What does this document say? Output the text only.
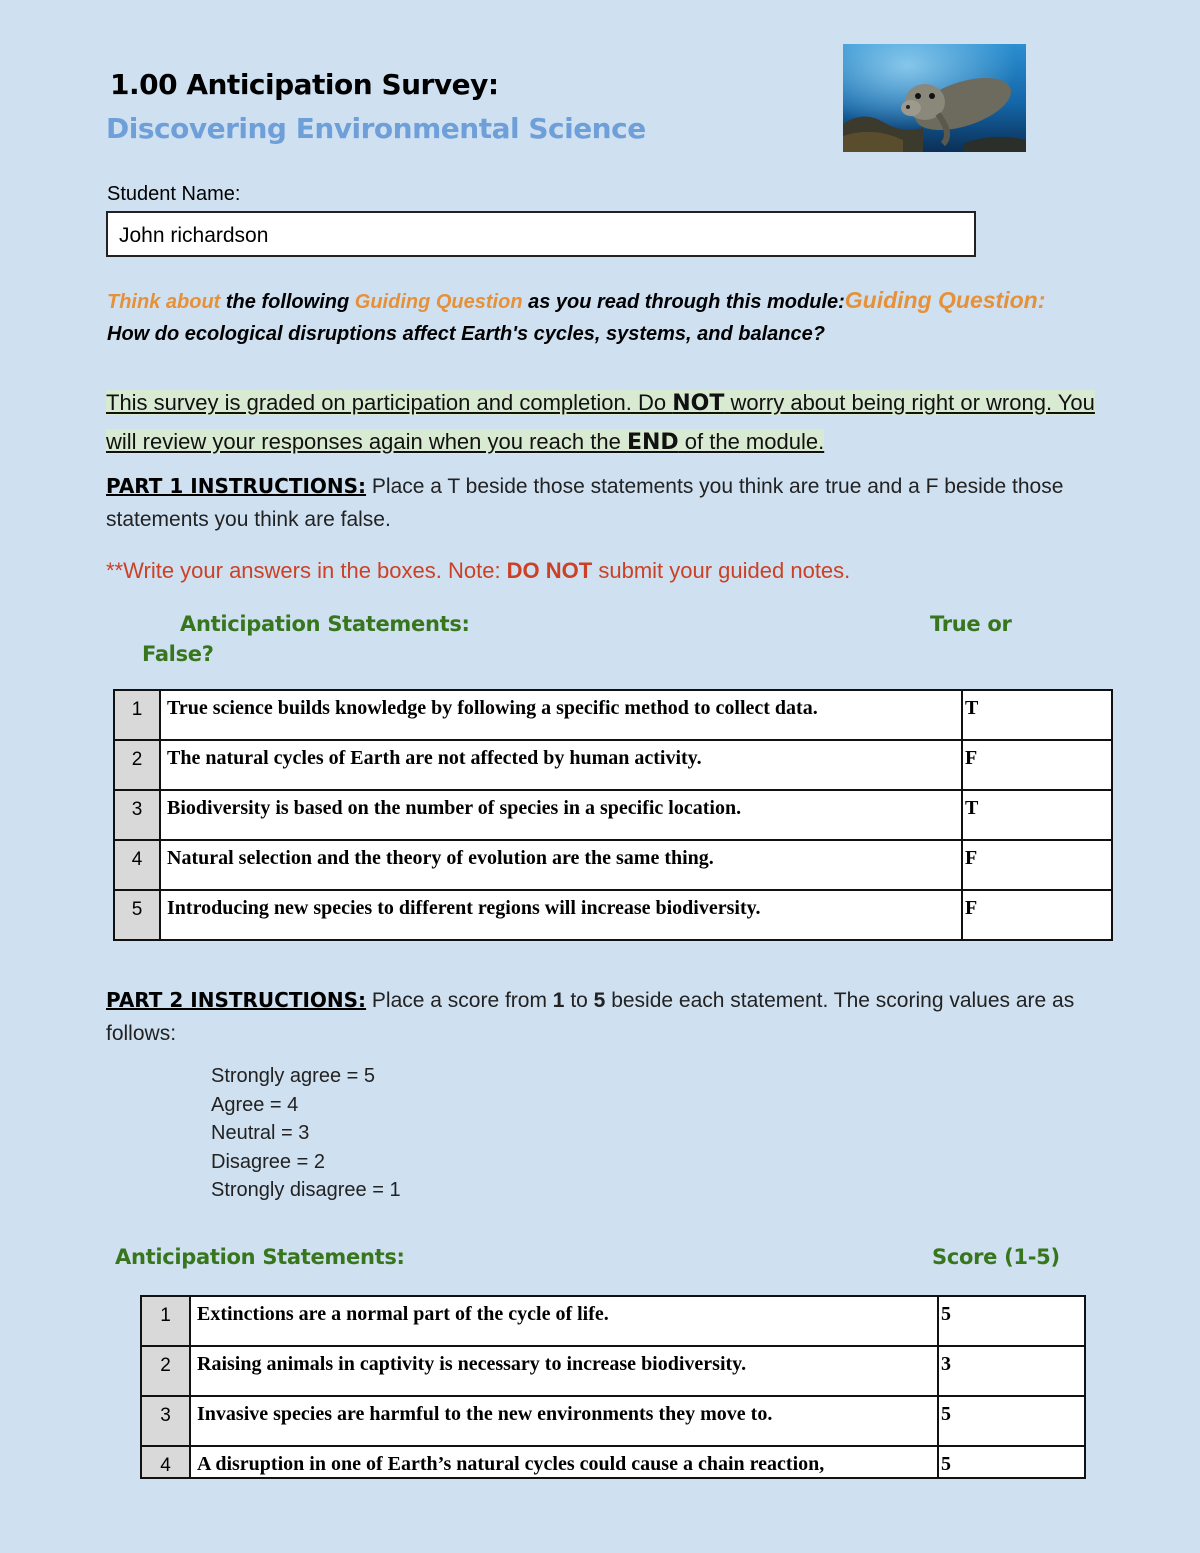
1.00 Anticipation Survey:
Discovering Environmental Science
Student Name:
John richardson
Think about the following Guiding Question as you read through this module:Guiding Question: How do ecological disruptions affect Earth's cycles, systems, and balance?
This survey is graded on participation and completion. Do NOT worry about being right or wrong. You will review your responses again when you reach the END of the module.
PART 1 INSTRUCTIONS: Place a T beside those statements you think are true and a F beside those statements you think are false.
**Write your answers in the boxes. Note: DO NOT submit your guided notes.
Anticipation Statements:	True or
False?
1	True science builds knowledge by following a specific method to collect data.	T
2	The natural cycles of Earth are not affected by human activity.	F
3	Biodiversity is based on the number of species in a specific location.	T
4	Natural selection and the theory of evolution are the same thing.	F
5	Introducing new species to different regions will increase biodiversity.	F
PART 2 INSTRUCTIONS: Place a score from 1 to 5 beside each statement. The scoring values are as follows:
Strongly agree = 5
Agree = 4
Neutral = 3
Disagree = 2
Strongly disagree = 1
Anticipation Statements:	Score (1-5)
1	Extinctions are a normal part of the cycle of life.	5
2	Raising animals in captivity is necessary to increase biodiversity.	3
3	Invasive species are harmful to the new environments they move to.	5
4	A disruption in one of Earth’s natural cycles could cause a chain reaction,	5
